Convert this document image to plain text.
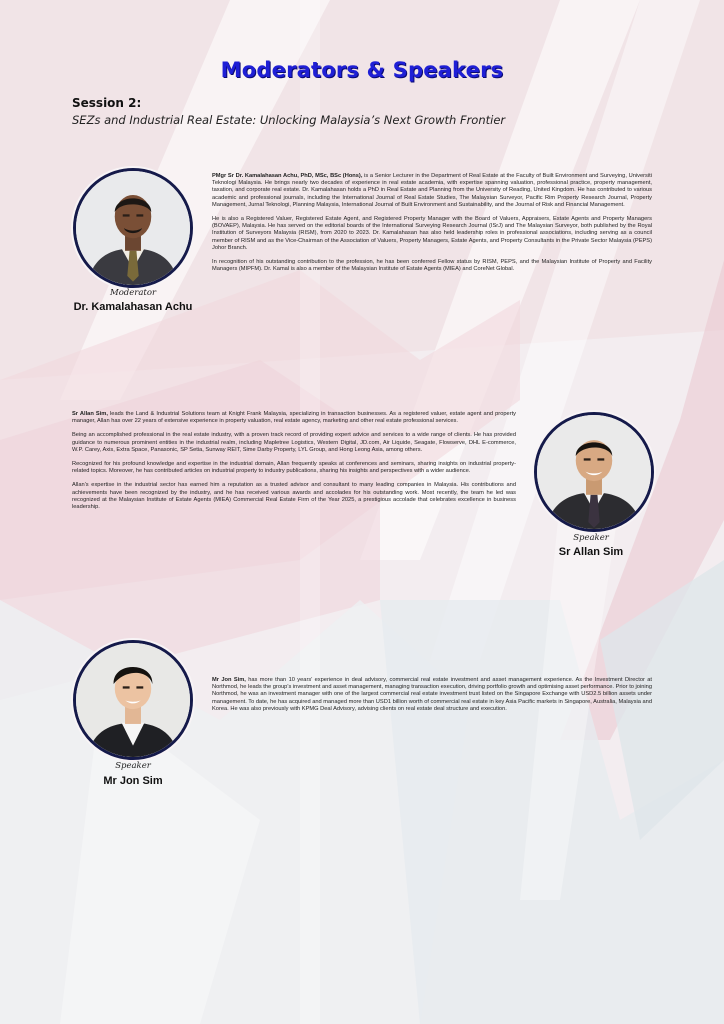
Moderators & Speakers
Session 2:
SEZs and Industrial Real Estate: Unlocking Malaysia’s Next Growth Frontier
Moderator
Dr. Kamalahasan Achu

PMgr Sr Dr. Kamalahasan Achu, PhD, MSc, BSc (Hons), is a Senior Lecturer in the Department of Real Estate at the Faculty of Built Environment and Surveying, Universiti Teknologi Malaysia. He brings nearly two decades of experience in real estate academia, with expertise spanning valuation, professional practice, property management, taxation, and corporate real estate. Dr. Kamalahasan holds a PhD in Real Estate and Planning from the University of Reading, United Kingdom. He has contributed to various academic and professional journals, including the International Journal of Real Estate Studies, The Malaysian Surveyor, Pacific Rim Property Research Journal, Property Management, Jurnal Teknologi, Planning Malaysia, International Journal of Built Environment and Sustainability, and the Journal of Risk and Financial Management.

He is also a Registered Valuer, Registered Estate Agent, and Registered Property Manager with the Board of Valuers, Appraisers, Estate Agents and Property Managers (BOVAEP), Malaysia. He has served on the editorial boards of the International Surveying Research Journal (ISrJ) and The Malaysian Surveyor, both published by the Royal Institution of Surveyors Malaysia (RISM), from 2020 to 2023. Dr. Kamalahasan has also held leadership roles in professional associations, including serving as a council member of RISM and as the Vice-Chairman of the Association of Valuers, Property Managers, Estate Agents, and Property Consultants in the Private Sector Malaysia (PEPS) Johor Branch.

In recognition of his outstanding contribution to the profession, he has been conferred Fellow status by RISM, PEPS, and the Malaysian Institute of Property and Facility Managers (MIPFM). Dr. Kamal is also a member of the Malaysian Institute of Estate Agents (MIEA) and CoreNet Global.

Sr Allan Sim, leads the Land & Industrial Solutions team at Knight Frank Malaysia, specializing in transaction businesses. As a registered valuer, estate agent and property manager, Allan has over 22 years of extensive experience in property valuation, real estate agency, marketing and other real estate professional services.

Being an accomplished professional in the real estate industry, with a proven track record of providing expert advice and services to a wide range of clients. He has provided guidance to numerous prominent entities in the industrial realm, including Mapletree Logistics, Western Digital, JD.com, Air Liquide, Seagate, Flowserve, DHL E-commerce, W.P. Carey, Axis, Extra Space, Panasonic, SP Setia, Sunway REIT, Sime Darby Property, LYL Group, and Hong Leong Asia, among others.

Recognized for his profound knowledge and expertise in the industrial domain, Allan frequently speaks at conferences and seminars, sharing insights on industrial property-related topics. Moreover, he has contributed articles on industrial property to industry publications, sharing his insights and perspectives with a wider audience.

Allan’s expertise in the industrial sector has earned him a reputation as a trusted advisor and consultant to many leading companies in Malaysia. His contributions and achievements have been recognized by the industry, and he has received various awards and accolades for his outstanding work. Most recently, the team he led was recognized at the Malaysian Institute of Estate Agents (MIEA) Commercial Real Estate Firm of the Year 2025, a prestigious accolade that celebrates excellence in business leadership.

Speaker
Sr Allan Sim
Speaker
Mr Jon Sim

Mr Jon Sim, has more than 10 years’ experience in deal advisory, commercial real estate investment and asset management experience. As the Investment Director at Northmod, he leads the group’s investment and asset management, managing transaction execution, driving portfolio growth and optimising asset performance. Prior to joining Northmod, he was an investment manager with one of the largest commercial real estate investment trust listed on the Singapore Exchange with USD2.5 billion assets under management. To date, he has acquired and managed more than USD1 billion worth of commercial real estate in key Asia Pacific markets in Singapore, Australia, Malaysia and Korea. He was also previously with KPMG Deal Advisory, advising clients on real estate deal structure and execution.
